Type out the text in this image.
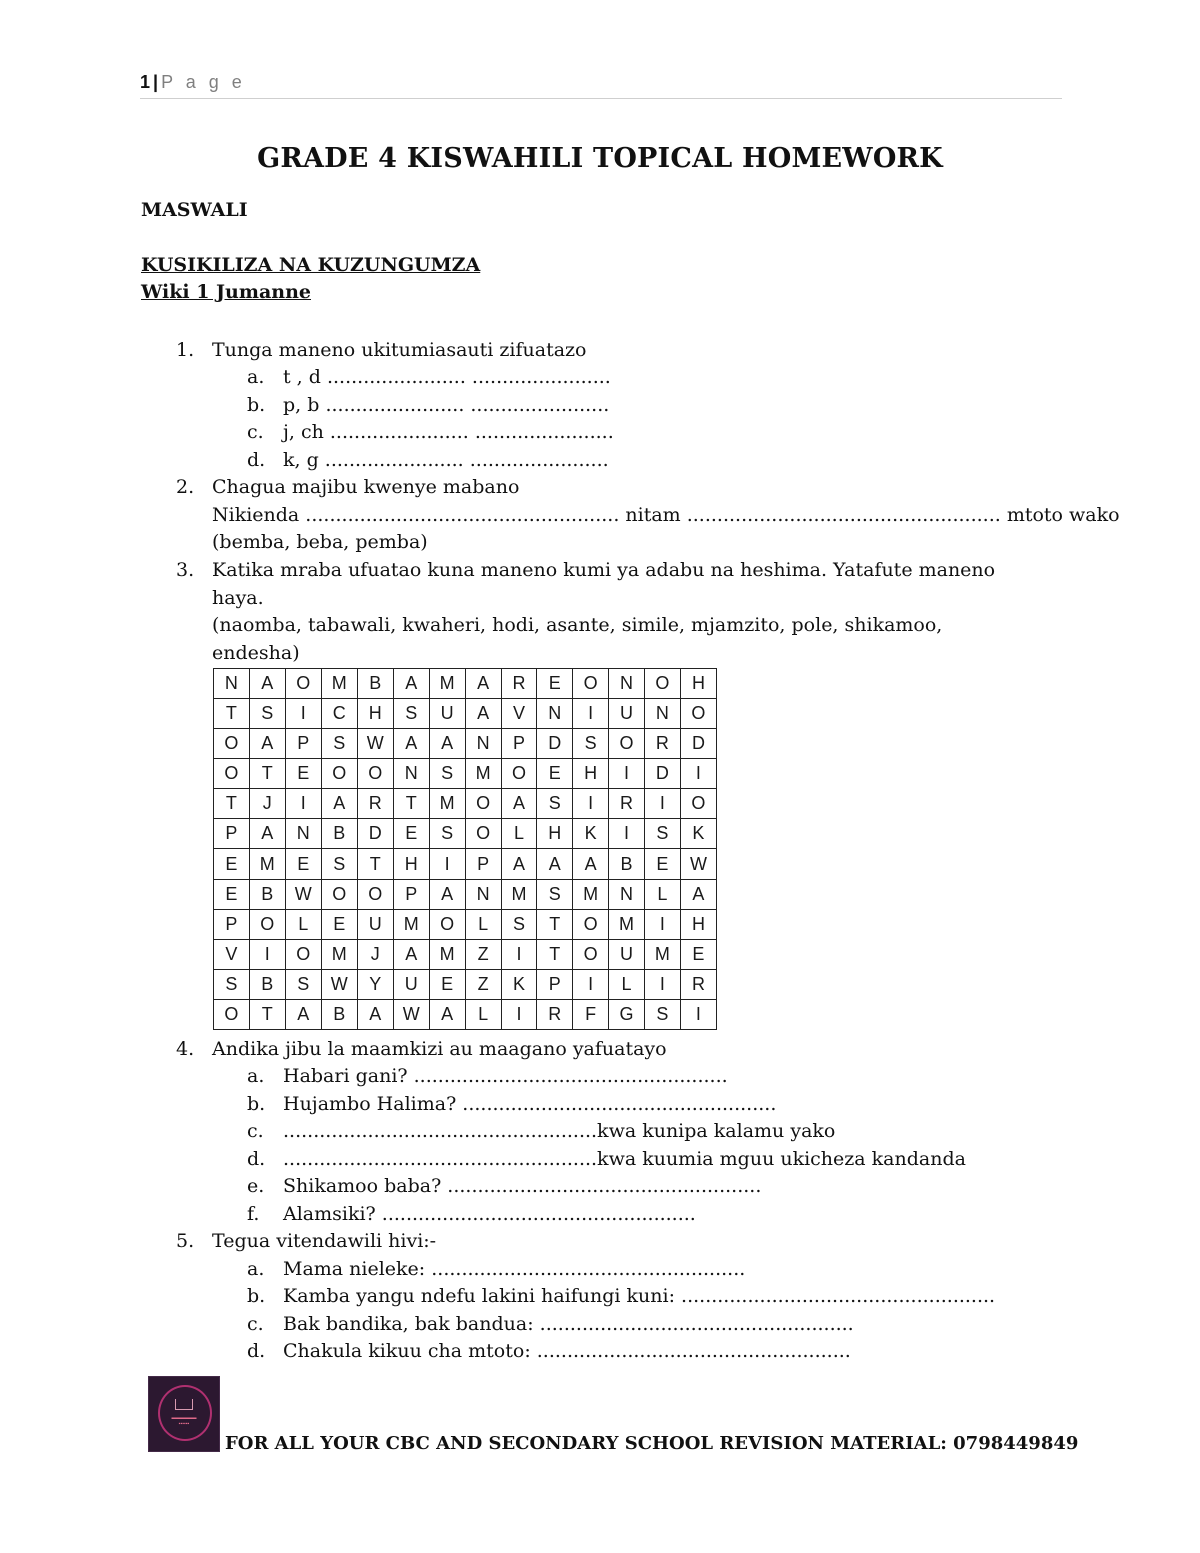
1 | P a g e
GRADE 4 KISWAHILI TOPICAL HOMEWORK
MASWALI
KUSIKILIZA NA KUZUNGUMZA
Wiki 1 Jumanne
1. Tunga maneno ukitumiasauti zifuatazo
a. t , d ....................... .......................
b. p, b ....................... .......................
c. j, ch ....................... .......................
d. k, g ....................... .......................
2. Chagua majibu kwenye mabano
Nikienda .................................................... nitam .................................................... mtoto wako
(bemba, beba, pemba)
3. Katika mraba ufuatao kuna maneno kumi ya adabu na heshima. Yatafute maneno
haya.
(naomba, tabawali, kwaheri, hodi, asante, simile, mjamzito, pole, shikamoo,
endesha)
N	A	O	M	B	A	M	A	R	E	O	N	O	H
T	S	I	C	H	S	U	A	V	N	I	U	N	O
O	A	P	S	W	A	A	N	P	D	S	O	R	D
O	T	E	O	O	N	S	M	O	E	H	I	D	I
T	J	I	A	R	T	M	O	A	S	I	R	I	O
P	A	N	B	D	E	S	O	L	H	K	I	S	K
E	M	E	S	T	H	I	P	A	A	A	B	E	W
E	B	W	O	O	P	A	N	M	S	M	N	L	A
P	O	L	E	U	M	O	L	S	T	O	M	I	H
V	I	O	M	J	A	M	Z	I	T	O	U	M	E
S	B	S	W	Y	U	E	Z	K	P	I	L	I	R
O	T	A	B	A	W	A	L	I	R	F	G	S	I
4. Andika jibu la maamkizi au maagano yafuatayo
a. Habari gani? ....................................................
b. Hujambo Halima? ....................................................
c. ....................................................kwa kunipa kalamu yako
d. ....................................................kwa kuumia mguu ukicheza kandanda
e. Shikamoo baba? ....................................................
f. Alamsiki? ....................................................
5. Tegua vitendawili hivi:-
a. Mama nieleke: ....................................................
b. Kamba yangu ndefu lakini haifungi kuni: ....................................................
c. Bak bandika, bak bandua: ....................................................
d. Chakula kikuu cha mtoto: ....................................................
▬▬▬▬▬
▪▪▪▪▪▪
FOR ALL YOUR CBC AND SECONDARY SCHOOL REVISION MATERIAL: 0798449849
